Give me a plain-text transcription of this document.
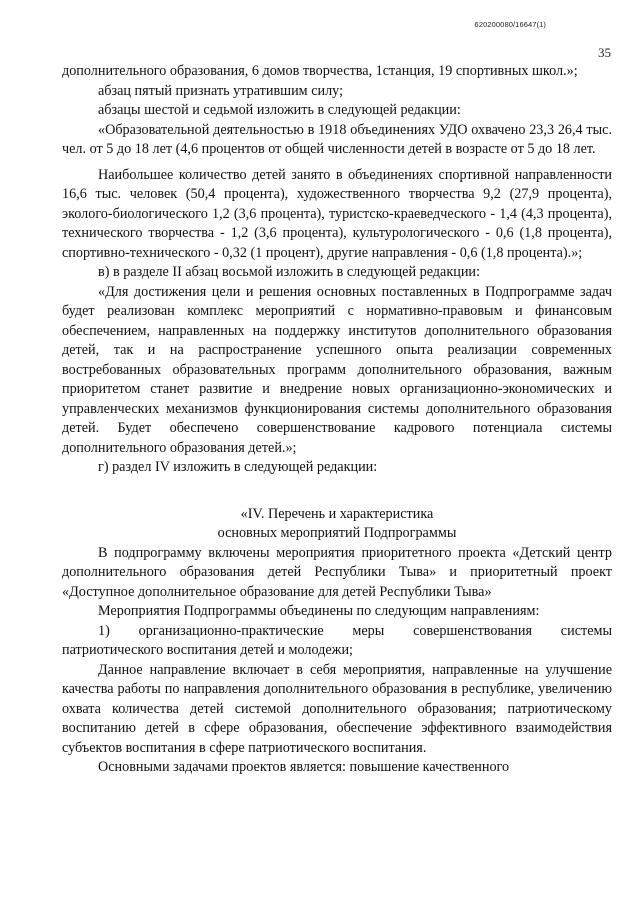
620200080/16647(1)
35

дополнительного образования, 6 домов творчества, 1станция, 19 спортивных школ.»;

абзац пятый признать утратившим силу;

абзацы шестой и седьмой изложить в следующей редакции:

«Образовательной деятельностью в 1918 объединениях УДО охвачено 23,3 26,4 тыс. чел. от 5 до 18 лет (4,6 процентов от общей численности детей в возрасте от 5 до 18 лет.

Наибольшее количество детей занято в объединениях спортивной направленности 16,6 тыс. человек (50,4 процента), художественного творчества 9,2 (27,9 процента), эколого-биологического 1,2 (3,6 процента), туристско-краеведческого - 1,4 (4,3 процента), технического творчества - 1,2 (3,6 процента), культурологического - 0,6 (1,8 процента), спортивно-технического - 0,32 (1 процент), другие направления - 0,6 (1,8 процента).»;

в) в разделе II абзац восьмой изложить в следующей редакции:

«Для достижения цели и решения основных поставленных в Подпрограмме задач будет реализован комплекс мероприятий с нормативно-правовым и финансовым обеспечением, направленных на поддержку институтов дополнительного образования детей, так и на распространение успешного опыта реализации современных востребованных образовательных программ дополнительного образования, важным приоритетом станет развитие и внедрение новых организационно-экономических и управленческих механизмов функционирования системы дополнительного образования детей. Будет обеспечено совершенствование кадрового потенциала системы дополнительного образования детей.»;

г) раздел IV изложить в следующей редакции:

«IV. Перечень и характеристика
основных мероприятий Подпрограммы

В подпрограмму включены мероприятия приоритетного проекта «Детский центр дополнительного образования детей Республики Тыва» и приоритетный проект «Доступное дополнительное образование для детей Республики Тыва»

Мероприятия Подпрограммы объединены по следующим направлениям:

1) организационно-практические меры совершенствования системы патриотического воспитания детей и молодежи;

Данное направление включает в себя мероприятия, направленные на улучшение качества работы по направления дополнительного образования в республике, увеличению охвата количества детей системой дополнительного образования; патриотическому воспитанию детей в сфере образования, обеспечение эффективного взаимодействия субъектов воспитания в сфере патриотического воспитания.

Основными задачами проектов является: повышение качественного
